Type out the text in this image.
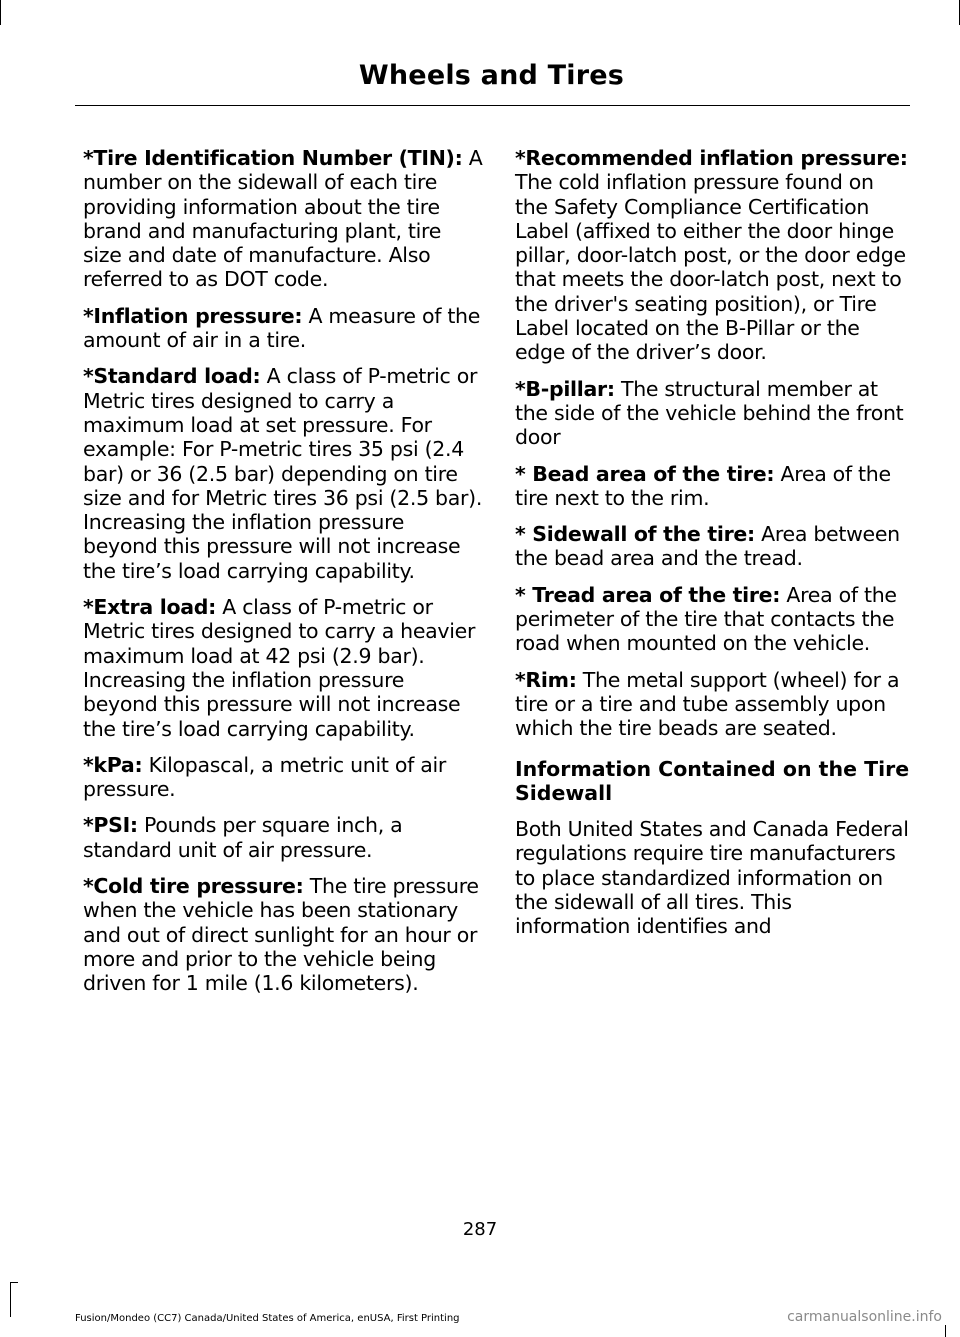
Wheels and Tires

*Tire Identification Number (TIN): A number on the sidewall of each tire providing information about the tire brand and manufacturing plant, tire size and date of manufacture. Also referred to as DOT code.

*Inflation pressure: A measure of the amount of air in a tire.

*Standard load: A class of P-metric or Metric tires designed to carry a maximum load at set pressure. For example: For P-metric tires 35 psi (2.4 bar) or 36 (2.5 bar) depending on tire size and for Metric tires 36 psi (2.5 bar). Increasing the inflation pressure beyond this pressure will not increase the tire’s load carrying capability.

*Extra load: A class of P-metric or Metric tires designed to carry a heavier maximum load at 42 psi (2.9 bar). Increasing the inflation pressure beyond this pressure will not increase the tire’s load carrying capability.

*kPa: Kilopascal, a metric unit of air pressure.

*PSI: Pounds per square inch, a standard unit of air pressure.

*Cold tire pressure: The tire pressure when the vehicle has been stationary and out of direct sunlight for an hour or more and prior to the vehicle being driven for 1 mile (1.6 kilometers).

*Recommended inflation pressure: The cold inflation pressure found on the Safety Compliance Certification Label (affixed to either the door hinge pillar, door-latch post, or the door edge that meets the door-latch post, next to the driver's seating position), or Tire Label located on the B-Pillar or the edge of the driver’s door.

*B-pillar: The structural member at the side of the vehicle behind the front door

* Bead area of the tire: Area of the tire next to the rim.

* Sidewall of the tire: Area between the bead area and the tread.

* Tread area of the tire: Area of the perimeter of the tire that contacts the road when mounted on the vehicle.

*Rim: The metal support (wheel) for a tire or a tire and tube assembly upon which the tire beads are seated.

Information Contained on the Tire Sidewall

Both United States and Canada Federal regulations require tire manufacturers to place standardized information on the sidewall of all tires. This information identifies and

287
Fusion/Mondeo (CC7) Canada/United States of America, enUSA, First Printing	carmanualsonline.info
